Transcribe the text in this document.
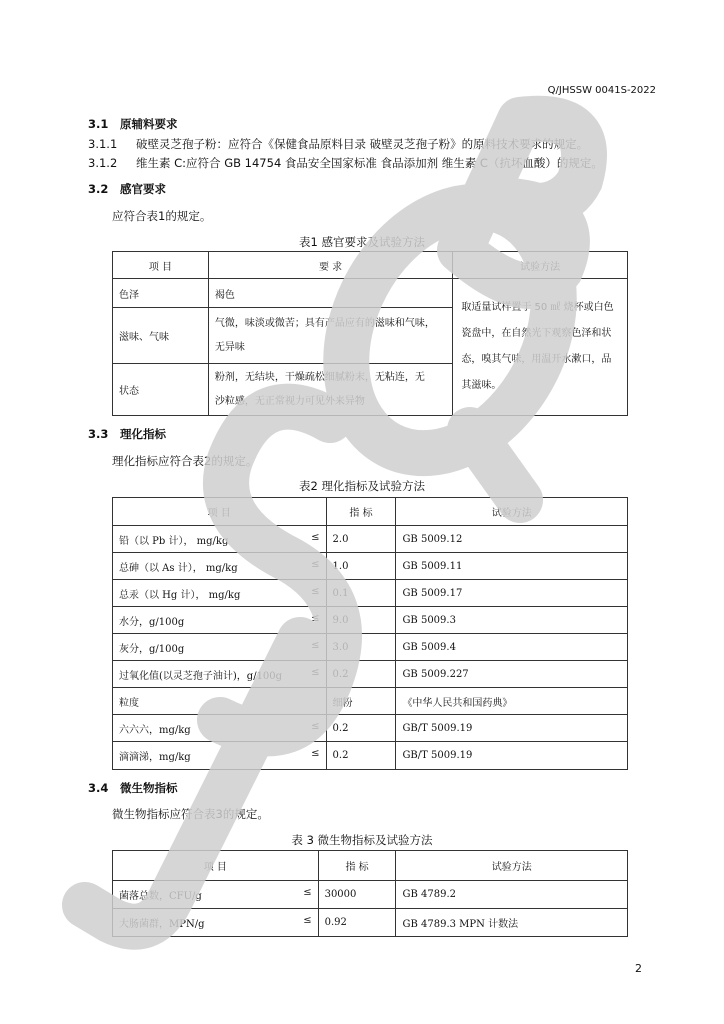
Q/JHSSW 0041S-2022
3.1 原辅料要求
3.1.1 破壁灵芝孢子粉：应符合《保健食品原料目录 破壁灵芝孢子粉》的原料技术要求的规定。
3.1.2 维生素 C:应符合 GB 14754 食品安全国家标准 食品添加剂 维生素 C（抗坏血酸）的规定。
3.2 感官要求
应符合表1的规定。
表1 感官要求及试验方法
项 目	要 求	试验方法
色泽	褐色	取适量试样置于 50 ㎖ 烧杯或白色
瓷盘中，在自然光下观察色泽和状
态，嗅其气味，用温开水漱口，品
其滋味。

滋味、气味	气微，味淡或微苦；具有产品应有的滋味和气味，
无异味	

状态	粉剂，无结块，干燥疏松细腻粉末，无粘连，无
沙粒感，无正常视力可见外来异物	
3.3 理化指标
理化指标应符合表2的规定。
表2 理化指标及试验方法
项 目	指 标	试验方法
铅（以 Pb 计）， mg/kg ≤	2.0	GB 5009.12
总砷（以 As 计）， mg/kg ≤	1.0	GB 5009.11
总汞（以 Hg 计）， mg/kg ≤	0.1	GB 5009.17
水分，g/100g ≤	9.0	GB 5009.3
灰分，g/100g ≤	3.0	GB 5009.4
过氧化值(以灵芝孢子油计)，g/100g ≤	0.2	GB 5009.227
粒度	细粉	《中华人民共和国药典》
六六六，mg/kg ≤	0.2	GB/T 5009.19
滴滴涕，mg/kg ≤	0.2	GB/T 5009.19
3.4 微生物指标
微生物指标应符合表3的规定。
表 3 微生物指标及试验方法
项 目	指 标	试验方法
菌落总数，CFU/g ≤	30000	GB 4789.2
大肠菌群，MPN/g ≤	0.92	GB 4789.3 MPN 计数法
2
